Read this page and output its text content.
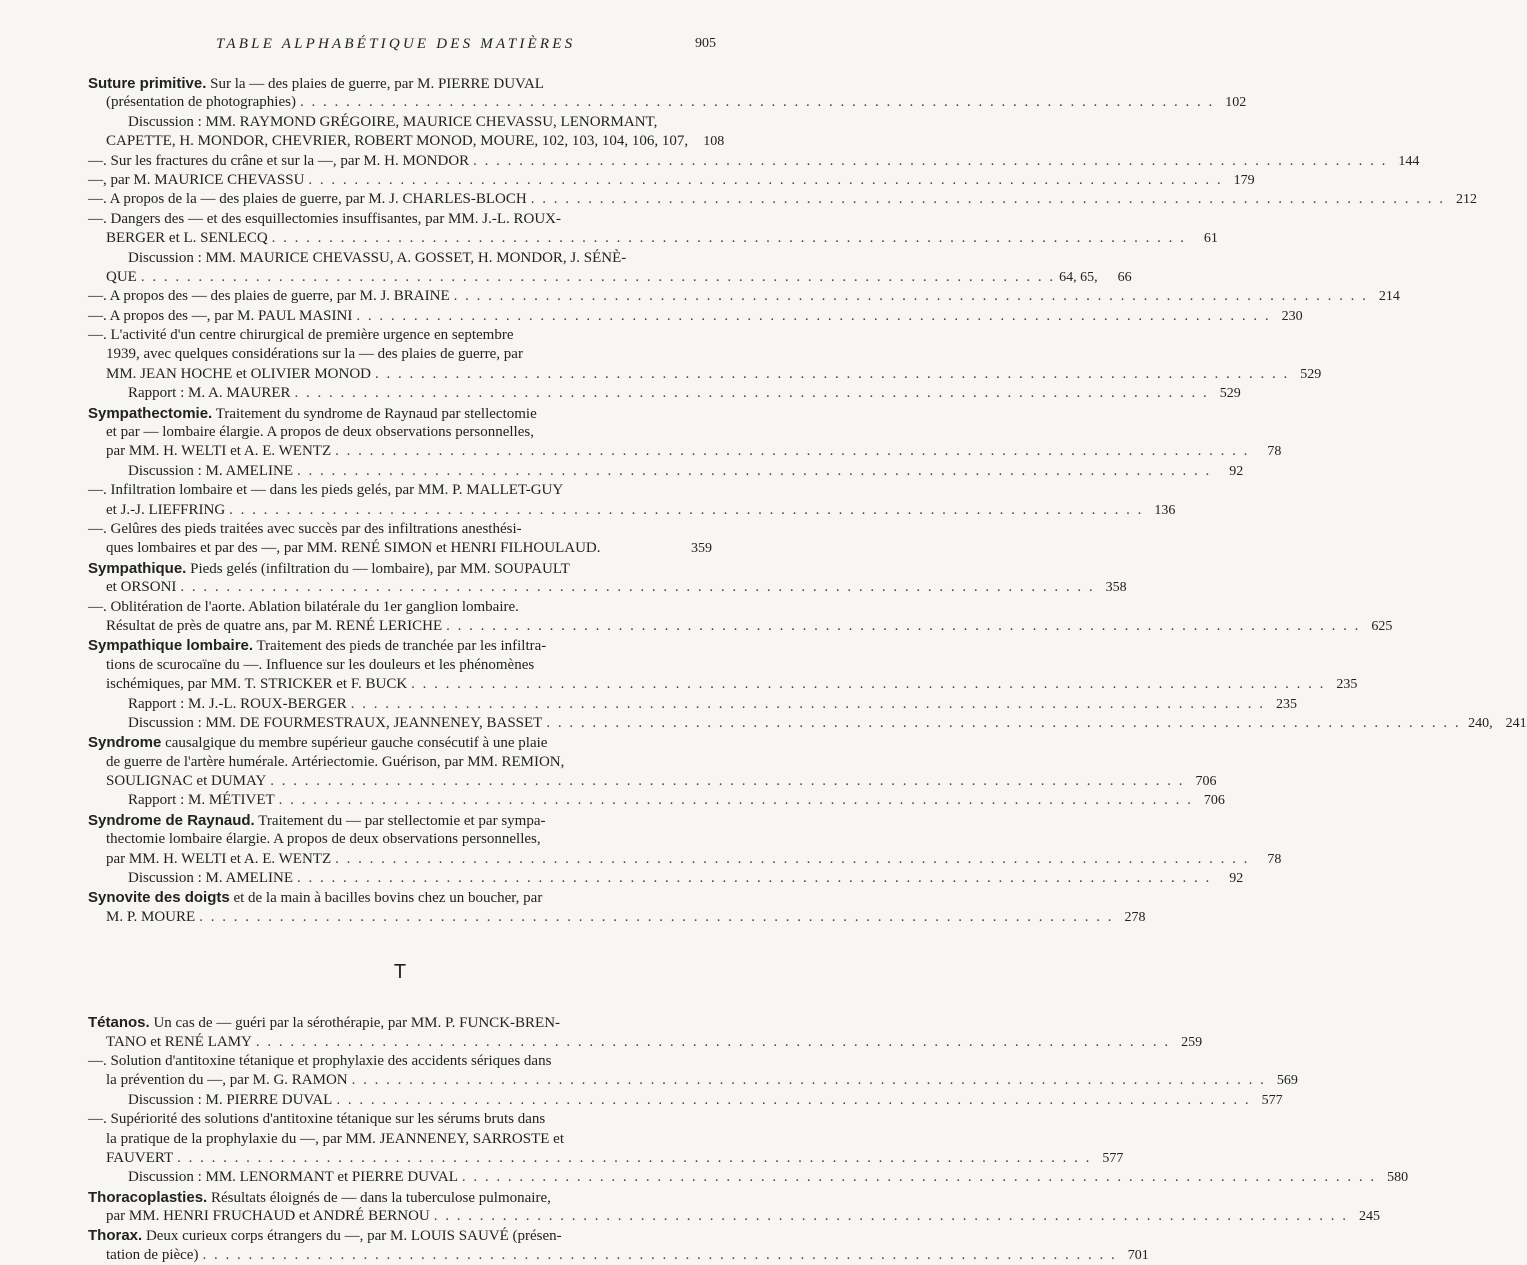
TABLE ALPHABÉTIQUE DES MATIÈRES	905
Suture primitive. Sur la — des plaies de guerre, par M. PIERRE DUVAL
(présentation de photographies) . . . . . . . . . . . . . . . . . . . . . . . . . . . . . . . . . . . . . . . . . . . . . . . . . . . . . . . . . . . . . . . . . . . . . . . . . . . . . . . . 102
Discussion : MM. RAYMOND GRÉGOIRE, MAURICE CHEVASSU, LENORMANT,
CAPETTE, H. MONDOR, CHEVRIER, ROBERT MONOD, MOURE, 102, 103, 104, 106, 107,	108
—. Sur les fractures du crâne et sur la —, par M. H. MONDOR . . . . . . . . . . . . . . . . . . . . . . . . . . . . . . . . . . . . . . . . . . . . . . . . . . . . . . . . . . . . . . . . . . . . . . . . . . . . . . . . 144
—, par M. MAURICE CHEVASSU . . . . . . . . . . . . . . . . . . . . . . . . . . . . . . . . . . . . . . . . . . . . . . . . . . . . . . . . . . . . . . . . . . . . . . . . . . . . . . . . 179
—. A propos de la — des plaies de guerre, par M. J. CHARLES-BLOCH . . . . . . . . . . . . . . . . . . . . . . . . . . . . . . . . . . . . . . . . . . . . . . . . . . . . . . . . . . . . . . . . . . . . . . . . . . . . . . . . 212
—. Dangers des — et des esquillectomies insuffisantes, par MM. J.-L. ROUX-
BERGER et L. SENLECQ . . . . . . . . . . . . . . . . . . . . . . . . . . . . . . . . . . . . . . . . . . . . . . . . . . . . . . . . . . . . . . . . . . . . . . . . . . . . . . . .	61
Discussion : MM. MAURICE CHEVASSU, A. GOSSET, H. MONDOR, J. SÉNÈ-
QUE . . . . . . . . . . . . . . . . . . . . . . . . . . . . . . . . . . . . . . . . . . . . . . . . . . . . . . . . . . . . . . . . . . . . . . . . . . . . . . . . 64, 65,	66
—. A propos des — des plaies de guerre, par M. J. BRAINE . . . . . . . . . . . . . . . . . . . . . . . . . . . . . . . . . . . . . . . . . . . . . . . . . . . . . . . . . . . . . . . . . . . . . . . . . . . . . . . . 214
—. A propos des —, par M. PAUL MASINI . . . . . . . . . . . . . . . . . . . . . . . . . . . . . . . . . . . . . . . . . . . . . . . . . . . . . . . . . . . . . . . . . . . . . . . . . . . . . . . . 230
—. L'activité d'un centre chirurgical de première urgence en septembre
1939, avec quelques considérations sur la — des plaies de guerre, par
MM. JEAN HOCHE et OLIVIER MONOD . . . . . . . . . . . . . . . . . . . . . . . . . . . . . . . . . . . . . . . . . . . . . . . . . . . . . . . . . . . . . . . . . . . . . . . . . . . . . . . . 529
Rapport : M. A. MAURER . . . . . . . . . . . . . . . . . . . . . . . . . . . . . . . . . . . . . . . . . . . . . . . . . . . . . . . . . . . . . . . . . . . . . . . . . . . . . . . . 529
Sympathectomie. Traitement du syndrome de Raynaud par stellectomie
et par — lombaire élargie. A propos de deux observations personnelles,
par MM. H. WELTI et A. E. WENTZ . . . . . . . . . . . . . . . . . . . . . . . . . . . . . . . . . . . . . . . . . . . . . . . . . . . . . . . . . . . . . . . . . . . . . . . . . . . . . . . .	78
Discussion : M. AMELINE . . . . . . . . . . . . . . . . . . . . . . . . . . . . . . . . . . . . . . . . . . . . . . . . . . . . . . . . . . . . . . . . . . . . . . . . . . . . . . . .	92
—. Infiltration lombaire et — dans les pieds gelés, par MM. P. MALLET-GUY
et J.-J. LIEFFRING . . . . . . . . . . . . . . . . . . . . . . . . . . . . . . . . . . . . . . . . . . . . . . . . . . . . . . . . . . . . . . . . . . . . . . . . . . . . . . . . 136
—. Gelûres des pieds traitées avec succès par des infiltrations anesthési-
ques lombaires et par des —, par MM. RENÉ SIMON et HENRI FILHOULAUD.	359
Sympathique. Pieds gelés (infiltration du — lombaire), par MM. SOUPAULT
et ORSONI . . . . . . . . . . . . . . . . . . . . . . . . . . . . . . . . . . . . . . . . . . . . . . . . . . . . . . . . . . . . . . . . . . . . . . . . . . . . . . . . 358
—. Oblitération de l'aorte. Ablation bilatérale du 1er ganglion lombaire.
Résultat de près de quatre ans, par M. RENÉ LERICHE . . . . . . . . . . . . . . . . . . . . . . . . . . . . . . . . . . . . . . . . . . . . . . . . . . . . . . . . . . . . . . . . . . . . . . . . . . . . . . . . 625
Sympathique lombaire. Traitement des pieds de tranchée par les infiltra-
tions de scurocaïne du —. Influence sur les douleurs et les phénomènes
ischémiques, par MM. T. STRICKER et F. BUCK . . . . . . . . . . . . . . . . . . . . . . . . . . . . . . . . . . . . . . . . . . . . . . . . . . . . . . . . . . . . . . . . . . . . . . . . . . . . . . . . 235
Rapport : M. J.-L. ROUX-BERGER . . . . . . . . . . . . . . . . . . . . . . . . . . . . . . . . . . . . . . . . . . . . . . . . . . . . . . . . . . . . . . . . . . . . . . . . . . . . . . . . 235
Discussion : MM. DE FOURMESTRAUX, JEANNENEY, BASSET . . . . . . . . . . . . . . . . . . . . . . . . . . . . . . . . . . . . . . . . . . . . . . . . . . . . . . . . . . . . . . . . . . . . . . . . . . . . . . . . 240, 241
Syndrome causalgique du membre supérieur gauche consécutif à une plaie
de guerre de l'artère humérale. Artériectomie. Guérison, par MM. REMION,
SOULIGNAC et DUMAY . . . . . . . . . . . . . . . . . . . . . . . . . . . . . . . . . . . . . . . . . . . . . . . . . . . . . . . . . . . . . . . . . . . . . . . . . . . . . . . . 706
Rapport : M. MÉTIVET . . . . . . . . . . . . . . . . . . . . . . . . . . . . . . . . . . . . . . . . . . . . . . . . . . . . . . . . . . . . . . . . . . . . . . . . . . . . . . . . 706
Syndrome de Raynaud. Traitement du — par stellectomie et par sympa-
thectomie lombaire élargie. A propos de deux observations personnelles,
par MM. H. WELTI et A. E. WENTZ . . . . . . . . . . . . . . . . . . . . . . . . . . . . . . . . . . . . . . . . . . . . . . . . . . . . . . . . . . . . . . . . . . . . . . . . . . . . . . . .	78
Discussion : M. AMELINE . . . . . . . . . . . . . . . . . . . . . . . . . . . . . . . . . . . . . . . . . . . . . . . . . . . . . . . . . . . . . . . . . . . . . . . . . . . . . . . .	92
Synovite des doigts et de la main à bacilles bovins chez un boucher, par
M. P. MOURE . . . . . . . . . . . . . . . . . . . . . . . . . . . . . . . . . . . . . . . . . . . . . . . . . . . . . . . . . . . . . . . . . . . . . . . . . . . . . . . . 278
T
Tétanos. Un cas de — guéri par la sérothérapie, par MM. P. FUNCK-BREN-
TANO et RENÉ LAMY . . . . . . . . . . . . . . . . . . . . . . . . . . . . . . . . . . . . . . . . . . . . . . . . . . . . . . . . . . . . . . . . . . . . . . . . . . . . . . . . 259
—. Solution d'antitoxine tétanique et prophylaxie des accidents sériques dans
la prévention du —, par M. G. RAMON . . . . . . . . . . . . . . . . . . . . . . . . . . . . . . . . . . . . . . . . . . . . . . . . . . . . . . . . . . . . . . . . . . . . . . . . . . . . . . . . 569
Discussion : M. PIERRE DUVAL . . . . . . . . . . . . . . . . . . . . . . . . . . . . . . . . . . . . . . . . . . . . . . . . . . . . . . . . . . . . . . . . . . . . . . . . . . . . . . . . 577
—. Supériorité des solutions d'antitoxine tétanique sur les sérums bruts dans
la pratique de la prophylaxie du —, par MM. JEANNENEY, SARROSTE et
FAUVERT . . . . . . . . . . . . . . . . . . . . . . . . . . . . . . . . . . . . . . . . . . . . . . . . . . . . . . . . . . . . . . . . . . . . . . . . . . . . . . . . 577
Discussion : MM. LENORMANT et PIERRE DUVAL . . . . . . . . . . . . . . . . . . . . . . . . . . . . . . . . . . . . . . . . . . . . . . . . . . . . . . . . . . . . . . . . . . . . . . . . . . . . . . . . 580
Thoracoplasties. Résultats éloignés de — dans la tuberculose pulmonaire,
par MM. HENRI FRUCHAUD et ANDRÉ BERNOU . . . . . . . . . . . . . . . . . . . . . . . . . . . . . . . . . . . . . . . . . . . . . . . . . . . . . . . . . . . . . . . . . . . . . . . . . . . . . . . . 245
Thorax. Deux curieux corps étrangers du —, par M. LOUIS SAUVÉ (présen-
tation de pièce) . . . . . . . . . . . . . . . . . . . . . . . . . . . . . . . . . . . . . . . . . . . . . . . . . . . . . . . . . . . . . . . . . . . . . . . . . . . . . . . . 701
